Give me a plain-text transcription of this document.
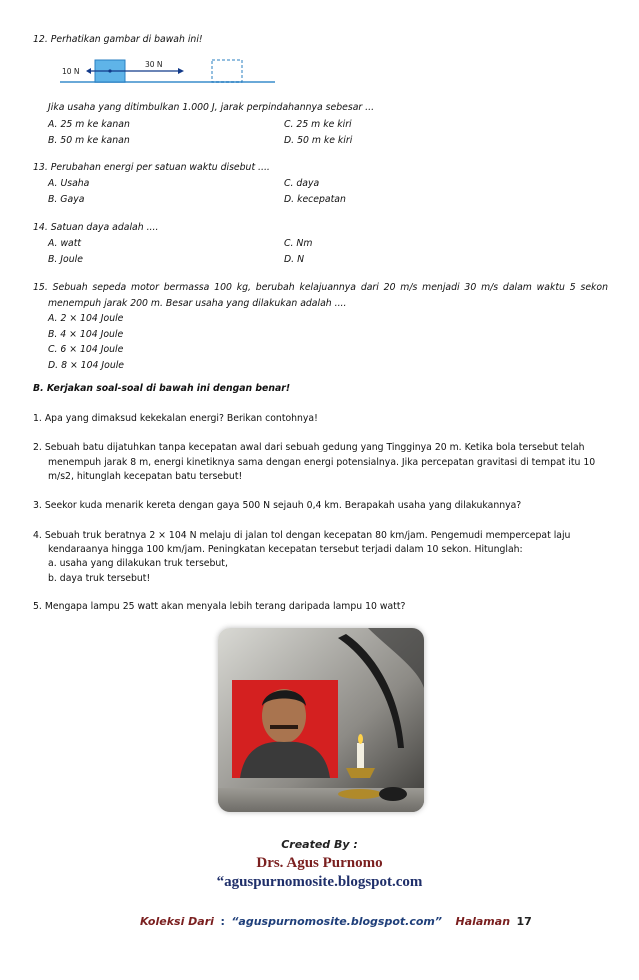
12. Perhatikan gambar di bawah ini!
10 N
30 N
Jika usaha yang ditimbulkan 1.000 J, jarak perpindahannya sebesar ...
A. 25 m ke kanan	C. 25 m ke kiri
B. 50 m ke kanan	D. 50 m ke kiri
13. Perubahan energi per satuan waktu disebut ....
A. Usaha	C. daya
B. Gaya	D. kecepatan
14. Satuan daya adalah ....
A. watt	C. Nm
B. Joule	D. N
15. Sebuah sepeda motor bermassa 100 kg, berubah kelajuannya dari 20 m/s menjadi 30 m/s dalam waktu 5 sekon
menempuh jarak 200 m. Besar usaha yang dilakukan adalah ....
A. 2 × 104 Joule
B. 4 × 104 Joule
C. 6 × 104 Joule
D. 8 × 104 Joule
B. Kerjakan soal-soal di bawah ini dengan benar!
1. Apa yang dimaksud kekekalan energi? Berikan contohnya!
2. Sebuah batu dijatuhkan tanpa kecepatan awal dari sebuah gedung yang Tingginya 20 m. Ketika bola tersebut telah
menempuh jarak 8 m, energi kinetiknya sama dengan energi potensialnya. Jika percepatan gravitasi di tempat itu 10
m/s2, hitunglah kecepatan batu tersebut!
3. Seekor kuda menarik kereta dengan gaya 500 N sejauh 0,4 km. Berapakah usaha yang dilakukannya?
4. Sebuah truk beratnya 2 × 104 N melaju di jalan tol dengan kecepatan 80 km/jam. Pengemudi mempercepat laju
kendaraanya hingga 100 km/jam. Peningkatan kecepatan tersebut terjadi dalam 10 sekon. Hitunglah:
a. usaha yang dilakukan truk tersebut,
b. daya truk tersebut!
5. Mengapa lampu 25 watt akan menyala lebih terang daripada lampu 10 watt?
Created By :
Drs. Agus Purnomo
“aguspurnomosite.blogspot.com
Koleksi Dari : “aguspurnomosite.blogspot.com” Halaman 17
